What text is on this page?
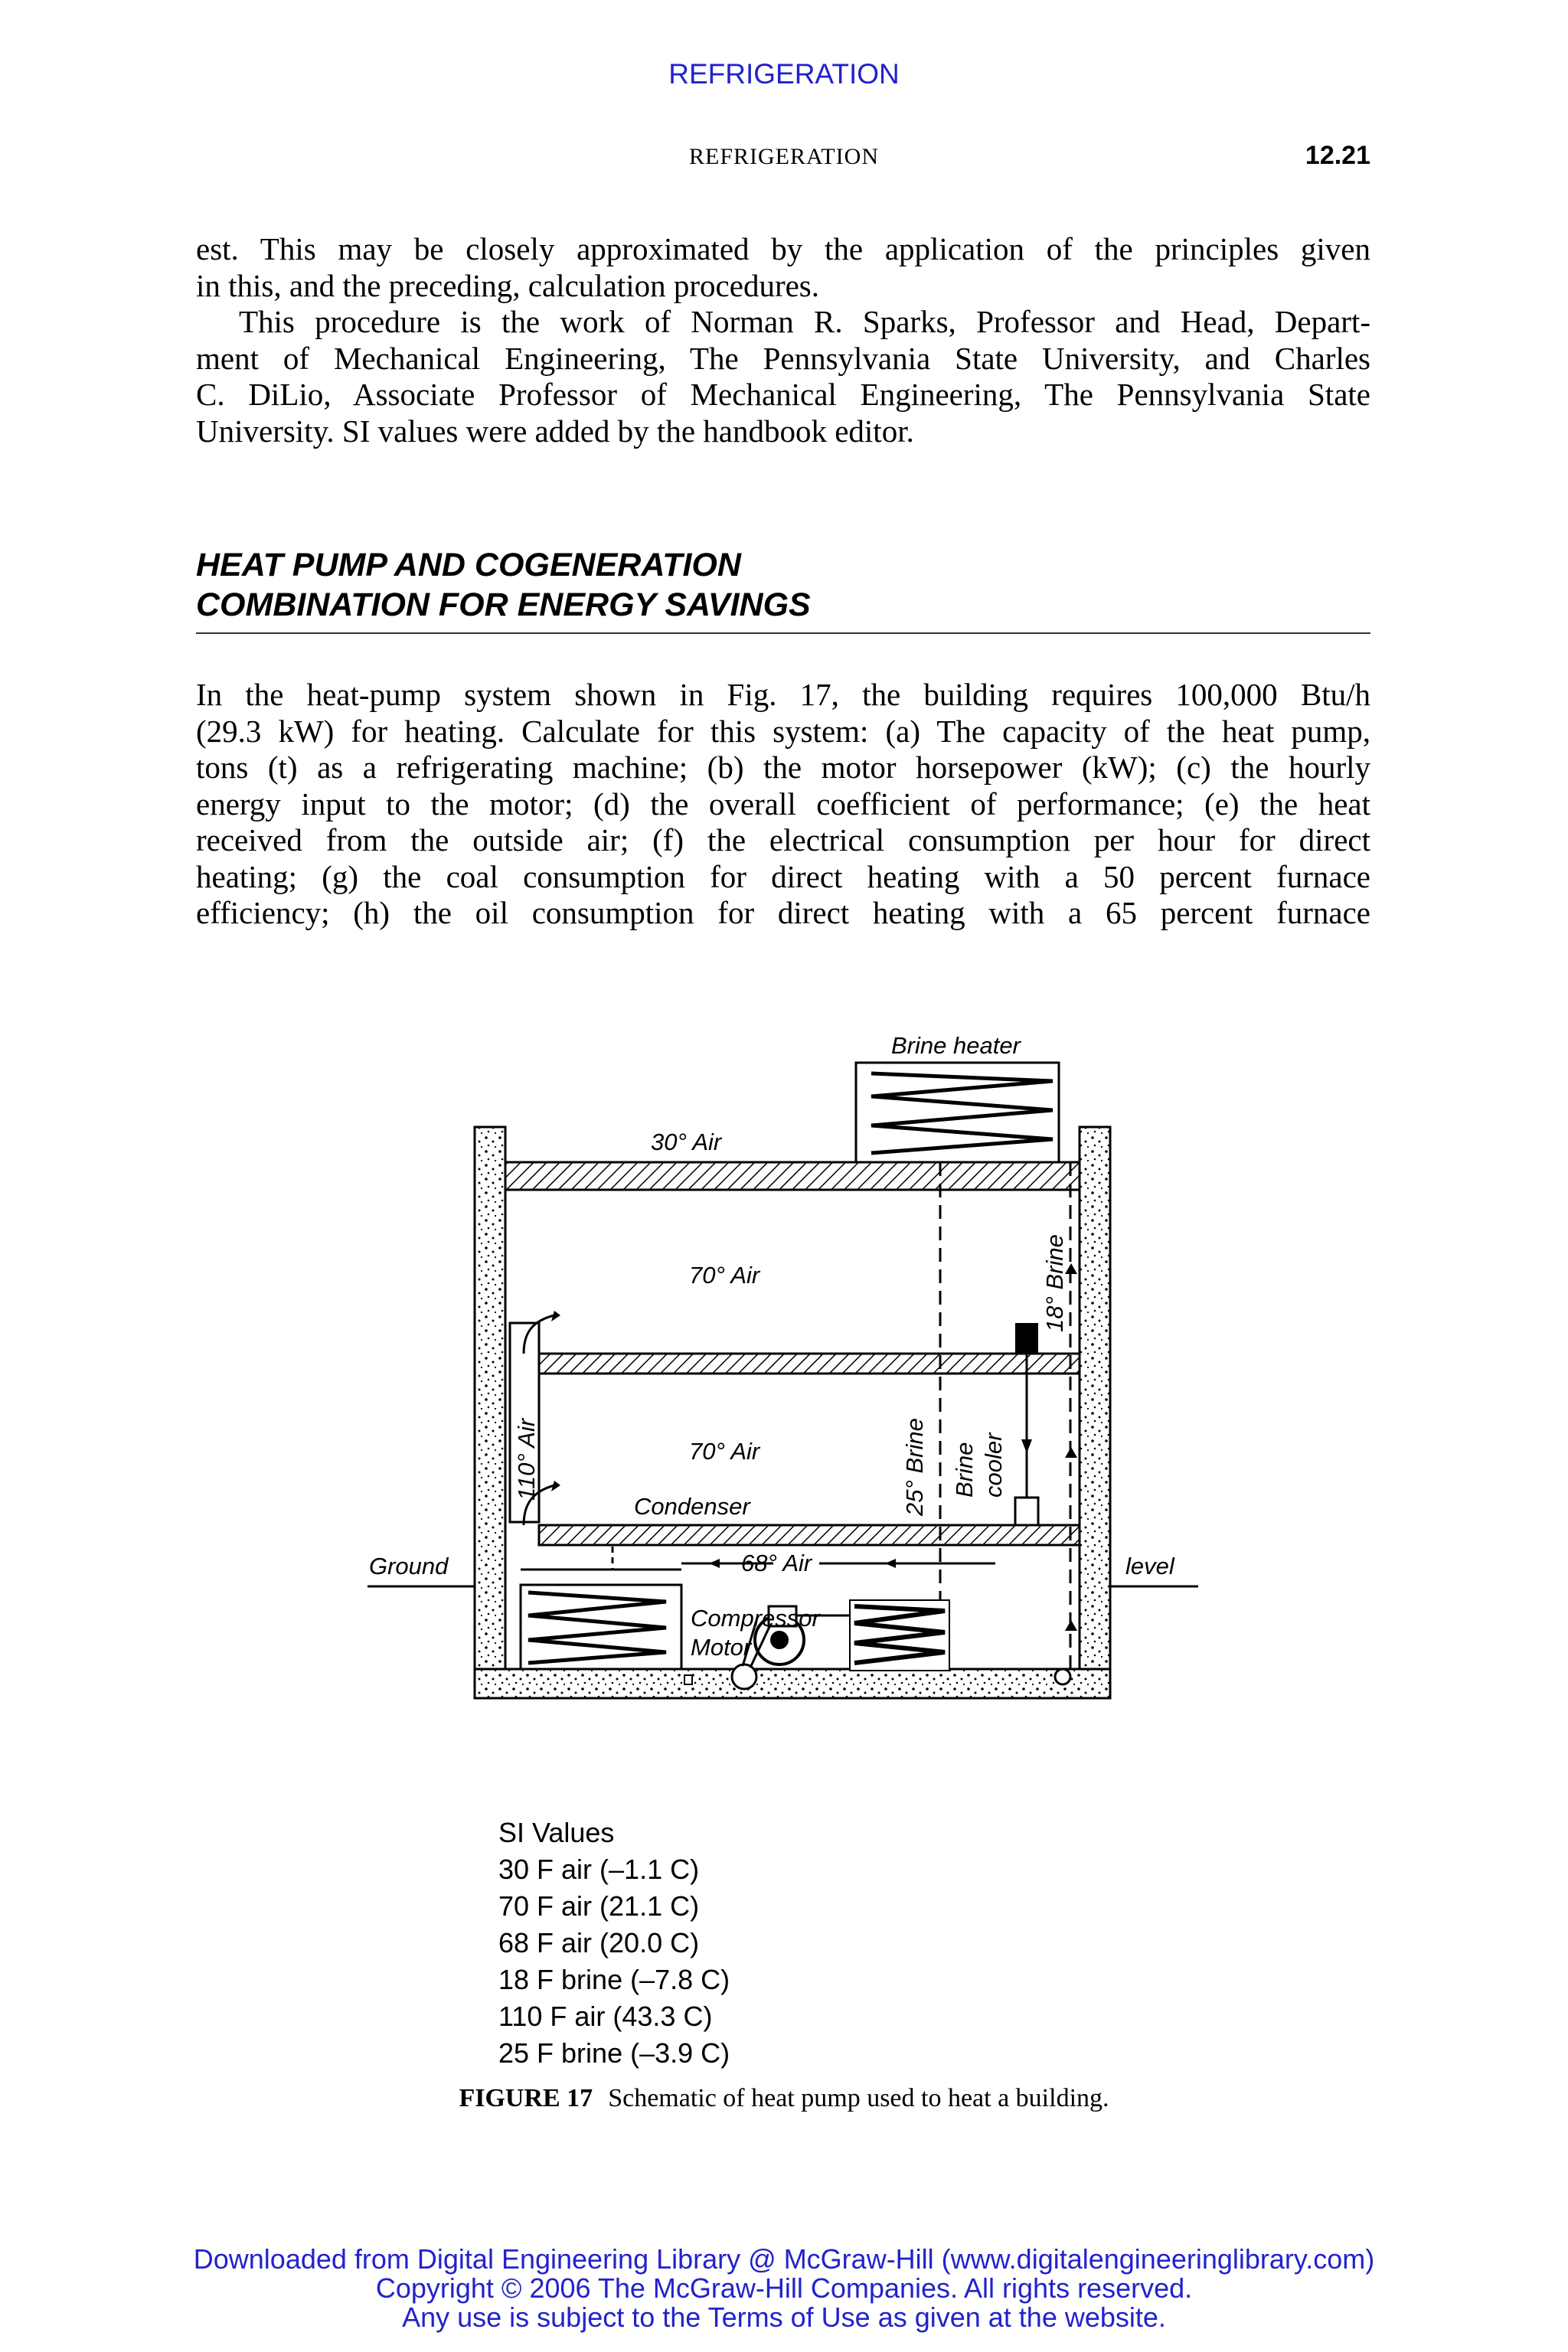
REFRIGERATION
REFRIGERATION	12.21
est. This may be closely approximated by the application of the principles given
in this, and the preceding, calculation procedures.
This procedure is the work of Norman R. Sparks, Professor and Head, Depart-
ment of Mechanical Engineering, The Pennsylvania State University, and Charles
C. DiLio, Associate Professor of Mechanical Engineering, The Pennsylvania State
University. SI values were added by the handbook editor.
HEAT PUMP AND COGENERATION
COMBINATION FOR ENERGY SAVINGS
In the heat-pump system shown in Fig. 17, the building requires 100,000 Btu/h
(29.3 kW) for heating. Calculate for this system: (a) The capacity of the heat pump,
tons (t) as a refrigerating machine; (b) the motor horsepower (kW); (c) the hourly
energy input to the motor; (d) the overall coefficient of performance; (e) the heat
received from the outside air; (f) the electrical consumption per hour for direct
heating; (g) the coal consumption for direct heating with a 50 percent furnace
efficiency; (h) the oil consumption for direct heating with a 65 percent furnace
Brine heater
30° Air
70° Air	18° Brine
70° Air	25° Brine Brine cooler
110° Air
Condenser
Ground	level
68° Air
Compressor
Motor
SI Values
30 F air (–1.1 C)
70 F air (21.1 C)
68 F air (20.0 C)
18 F brine (–7.8 C)
110 F air (43.3 C)
25 F brine (–3.9 C)
FIGURE 17 Schematic of heat pump used to heat a building.
Downloaded from Digital Engineering Library @ McGraw-Hill (www.digitalengineeringlibrary.com)
Copyright © 2006 The McGraw-Hill Companies. All rights reserved.
Any use is subject to the Terms of Use as given at the website.
